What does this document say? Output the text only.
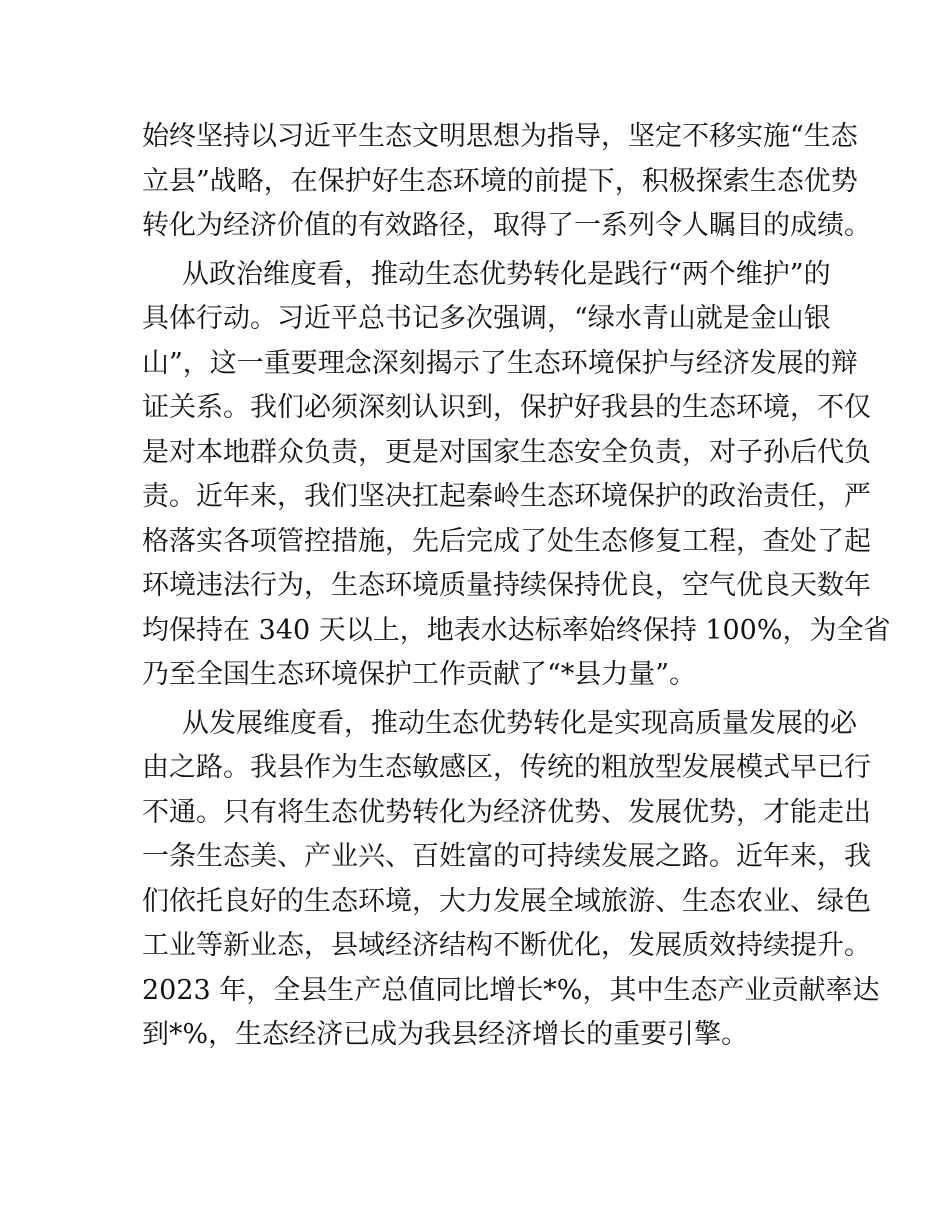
始终坚持以习近平生态文明思想为指导，坚定不移实施“生态
立县”战略，在保护好生态环境的前提下，积极探索生态优势
转化为经济价值的有效路径，取得了一系列令人瞩目的成绩。

从政治维度看，推动生态优势转化是践行“两个维护”的
具体行动。习近平总书记多次强调，“绿水青山就是金山银
山”，这一重要理念深刻揭示了生态环境保护与经济发展的辩
证关系。我们必须深刻认识到，保护好我县的生态环境，不仅
是对本地群众负责，更是对国家生态安全负责，对子孙后代负
责。近年来，我们坚决扛起秦岭生态环境保护的政治责任，严
格落实各项管控措施，先后完成了处生态修复工程，查处了起
环境违法行为，生态环境质量持续保持优良，空气优良天数年
均保持在 340 天以上，地表水达标率始终保持 100%，为全省
乃至全国生态环境保护工作贡献了“*县力量”。

从发展维度看，推动生态优势转化是实现高质量发展的必
由之路。我县作为生态敏感区，传统的粗放型发展模式早已行
不通。只有将生态优势转化为经济优势、发展优势，才能走出
一条生态美、产业兴、百姓富的可持续发展之路。近年来，我
们依托良好的生态环境，大力发展全域旅游、生态农业、绿色
工业等新业态，县域经济结构不断优化，发展质效持续提升。
2023 年，全县生产总值同比增长*%，其中生态产业贡献率达
到*%，生态经济已成为我县经济增长的重要引擎。
